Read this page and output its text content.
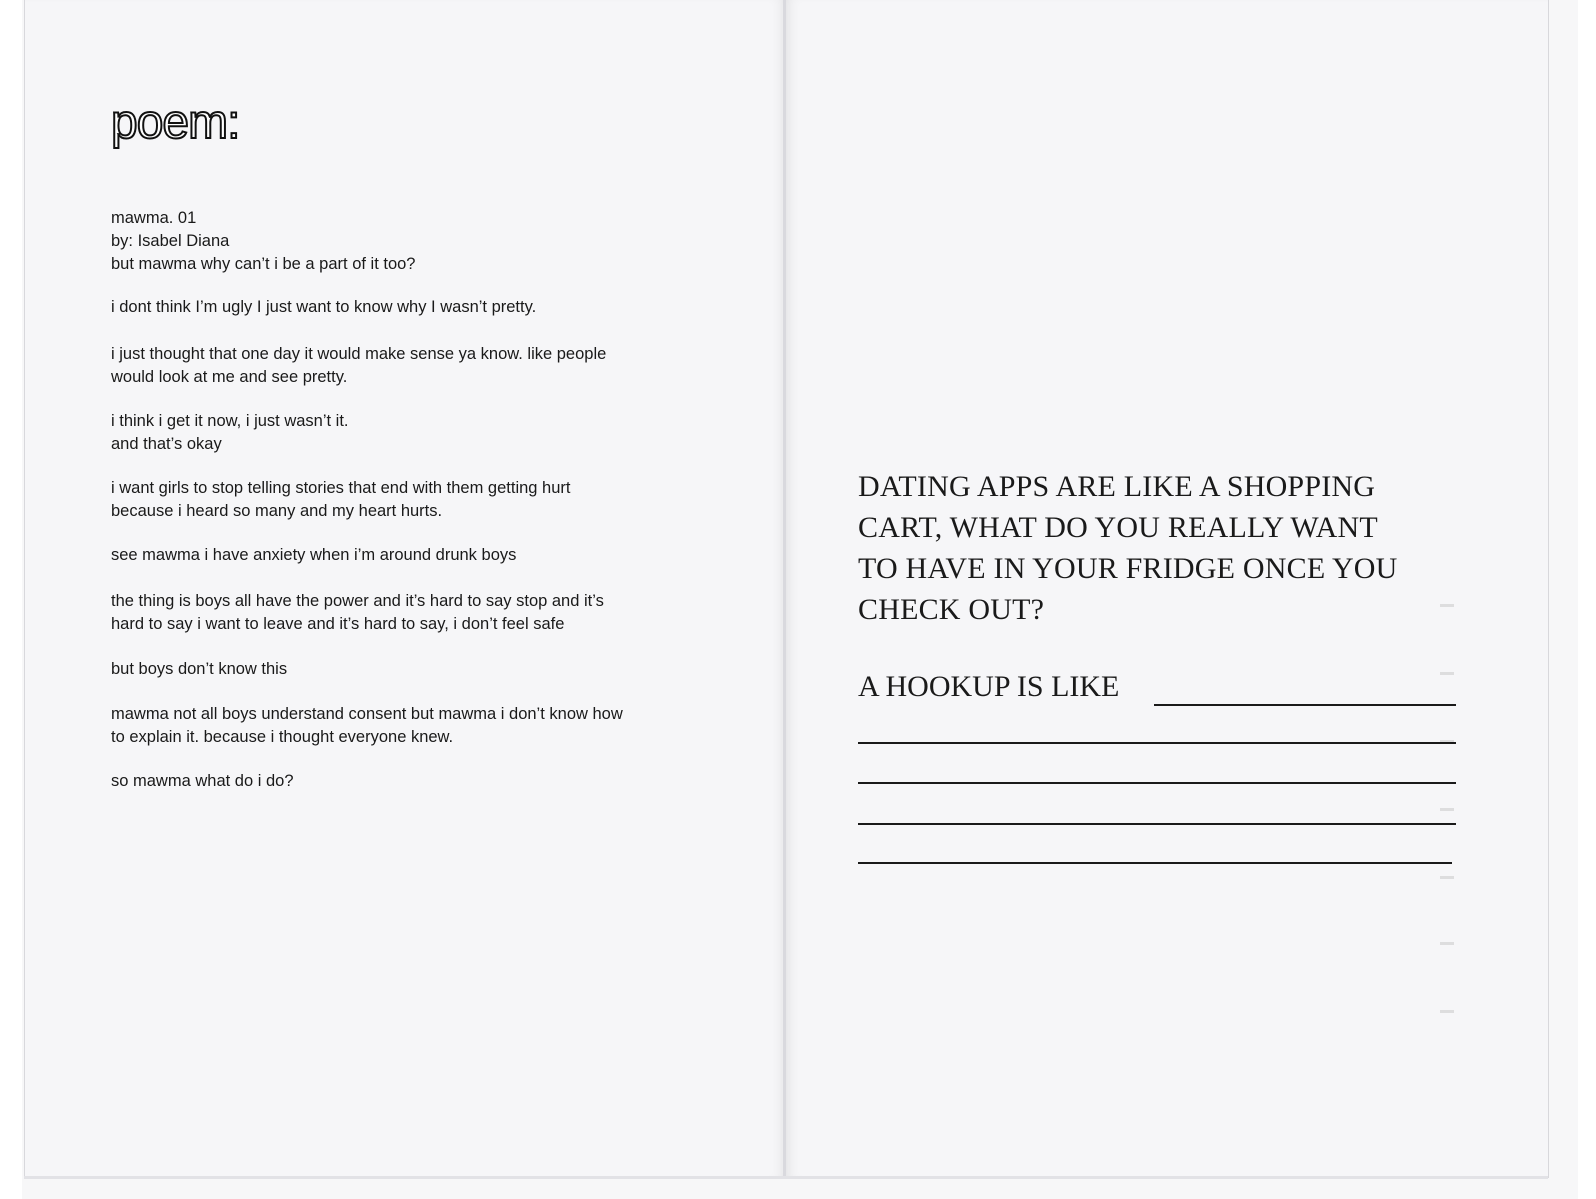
poem:
mawma. 01
by: Isabel Diana
but mawma why can’t i be a part of it too?
i dont think I’m ugly I just want to know why I wasn’t pretty.
i just thought that one day it would make sense ya know. like people
would look at me and see pretty.
i think i get it now, i just wasn’t it.
and that’s okay
i want girls to stop telling stories that end with them getting hurt
because i heard so many and my heart hurts.
see mawma i have anxiety when i’m around drunk boys
the thing is boys all have the power and it’s hard to say stop and it’s
hard to say i want to leave and it’s hard to say, i don’t feel safe
but boys don’t know this
mawma not all boys understand consent but mawma i don’t know how
to explain it. because i thought everyone knew.
so mawma what do i do?
DATING APPS ARE LIKE A SHOPPING
CART, WHAT DO YOU REALLY WANT
TO HAVE IN YOUR FRIDGE ONCE YOU
CHECK OUT?
A HOOKUP IS LIKE
